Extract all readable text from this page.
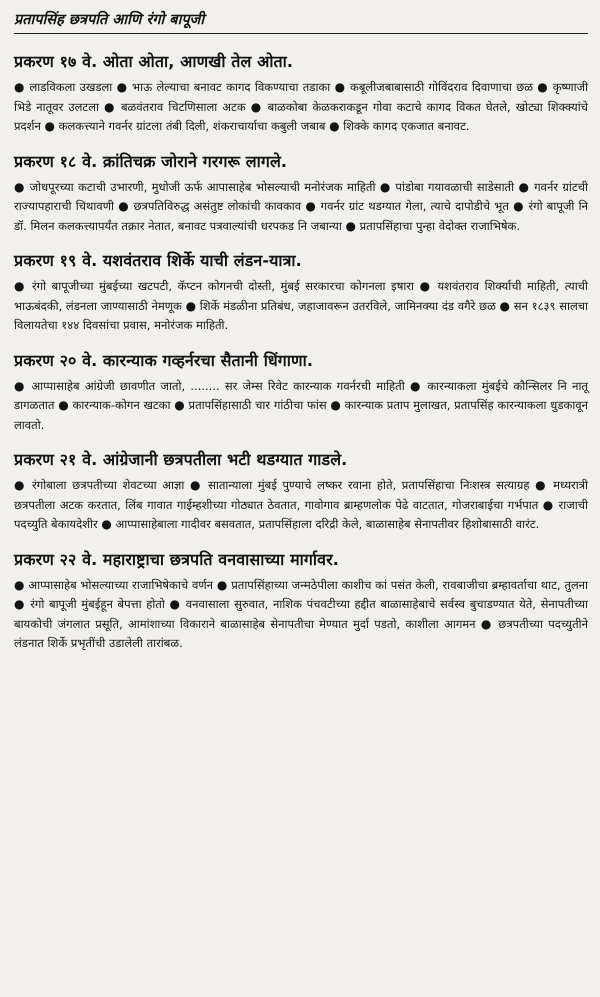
प्रतापसिंह छत्रपति आणि रंगो बापूजी
प्रकरण १७ वे. ओता ओता, आणखी तेल ओता.

● लाडविकला उखडला ● भाऊ लेल्याचा बनावट कागद विकण्याचा तडाका ● कबूलीजबाबासाठी गोविंदराव दिवाणाचा छळ ● कृष्णाजी भिडे नातूवर उलटला ● बळवंतराव चिटणिसाला अटक ● बाळकोबा केळकराकडून गोवा कटाचे कागद विकत घेतले, खोट्या शिक्क्यांचे प्रदर्शन ● कलकत्त्याने गवर्नर ग्रांटला तंबी दिली, शंकराचार्याचा कबुली जबाब ● शिक्के कागद एकजात बनावट.

प्रकरण १८ वे. क्रांतिचक्र जोराने गरगरू लागले.

● जोधपूरच्या कटाची उभारणी, मुधोजी ऊर्फ आपासाहेब भोसल्याची मनोरंजक माहिती ● पांडोबा गयावळाची साडेसाती ● गवर्नर ग्रांटची राज्यापहाराची चिथावणी ● छत्रपतिविरुद्ध असंतुष्ट लोकांची कावकाव ● गवर्नर ग्रांट थडग्यात गेला, त्याचे दापोडीचे भूत ● रंगो बापूजी नि डॉ. मिलन कलकत्त्यापर्यंत तक्रार नेतात, बनावट पत्रवाल्यांची धरपकड नि जबान्या ● प्रतापसिंहाचा पुन्हा वेदोक्त राजाभिषेक.

प्रकरण १९ वे. यशवंतराव शिर्के याची लंडन-यात्रा.

● रंगो बापूजीच्या मुंबईच्या खटपटी, कॅप्टन कोगनची दोस्ती, मुंबई सरकारचा कोगनला इषारा ● यशवंतराव शिर्क्याची माहिती, त्याची भाऊबंदकी, लंडनला जाण्यासाठी नेमणूक ● शिर्के मंडळीना प्रतिबंध, जहाजावरून उतरविले, जामिनक्या दंड वगैरे छळ ● सन १८३९ सालचा विलायतेचा १४४ दिवसांचा प्रवास, मनोरंजक माहिती.

प्रकरण २० वे. कारन्याक गव्हर्नरचा सैतानी धिंगाणा.

● आप्पासाहेब आंग्रेजी छावणीत जातो, ........ सर जेम्स रिवेट कारन्याक गवर्नरची माहिती ● कारन्याकला मुंबईचे कौन्सिलर नि नातू डागळतात ● कारन्याक-कोगन खटका ● प्रतापसिंहासाठी चार गांठीचा फांस ● कारन्याक प्रताप मुलाखत, प्रतापसिंह कारन्याकला धुडकावून लावतो.

प्रकरण २१ वे. आंग्रेजानी छत्रपतीला भटी थडग्यात गाडले.

● रंगोबाला छत्रपतीच्या शेवटच्या आज्ञा ● सातान्याला मुंबई पुण्याचे लष्कर रवाना होते, प्रतापसिंहाचा निःशस्त्र सत्याग्रह ● मध्यरात्री छत्रपतीला अटक करतात, लिंब गावात गाईम्हशीच्या गोठ्यात ठेवतात, गावोगाव ब्राम्हणलोक पेढे वाटतात, गोजराबाईचा गर्भपात ● राजाची पदच्युति बेकायदेशीर ● आप्पासाहेबाला गादीवर बसवतात, प्रतापसिंहाला दरिद्री केले, बाळासाहेब सेनापतीवर हिशोबासाठी वारंट.

प्रकरण २२ वे. महाराष्ट्राचा छत्रपति वनवासाच्या मार्गावर.

● आप्पासाहेब भोसल्याच्या राजाभिषेकाचे वर्णन ● प्रतापसिंहाच्या जन्मठेपीला काशीच कां पसंत केली, रावबाजीचा ब्रम्हावर्ताचा थाट, तुलना ● रंगो बापूजी मुंबईहून बेपत्ता होतो ● वनवासाला सुरुवात, नाशिक पंचवटीच्या हद्दीत बाळासाहेबाचे सर्वस्व बुचाडण्यात येते, सेनापतीच्या बायकोची जंगलात प्रसूति, आमांशाच्या विकाराने बाळासाहेब सेनापतीचा मेण्यात मुर्दा पडतो, काशीला आगमन ● छत्रपतीच्या पदच्युतीने लंडनात शिर्के प्रभृतींची उडालेली तारांबळ.
